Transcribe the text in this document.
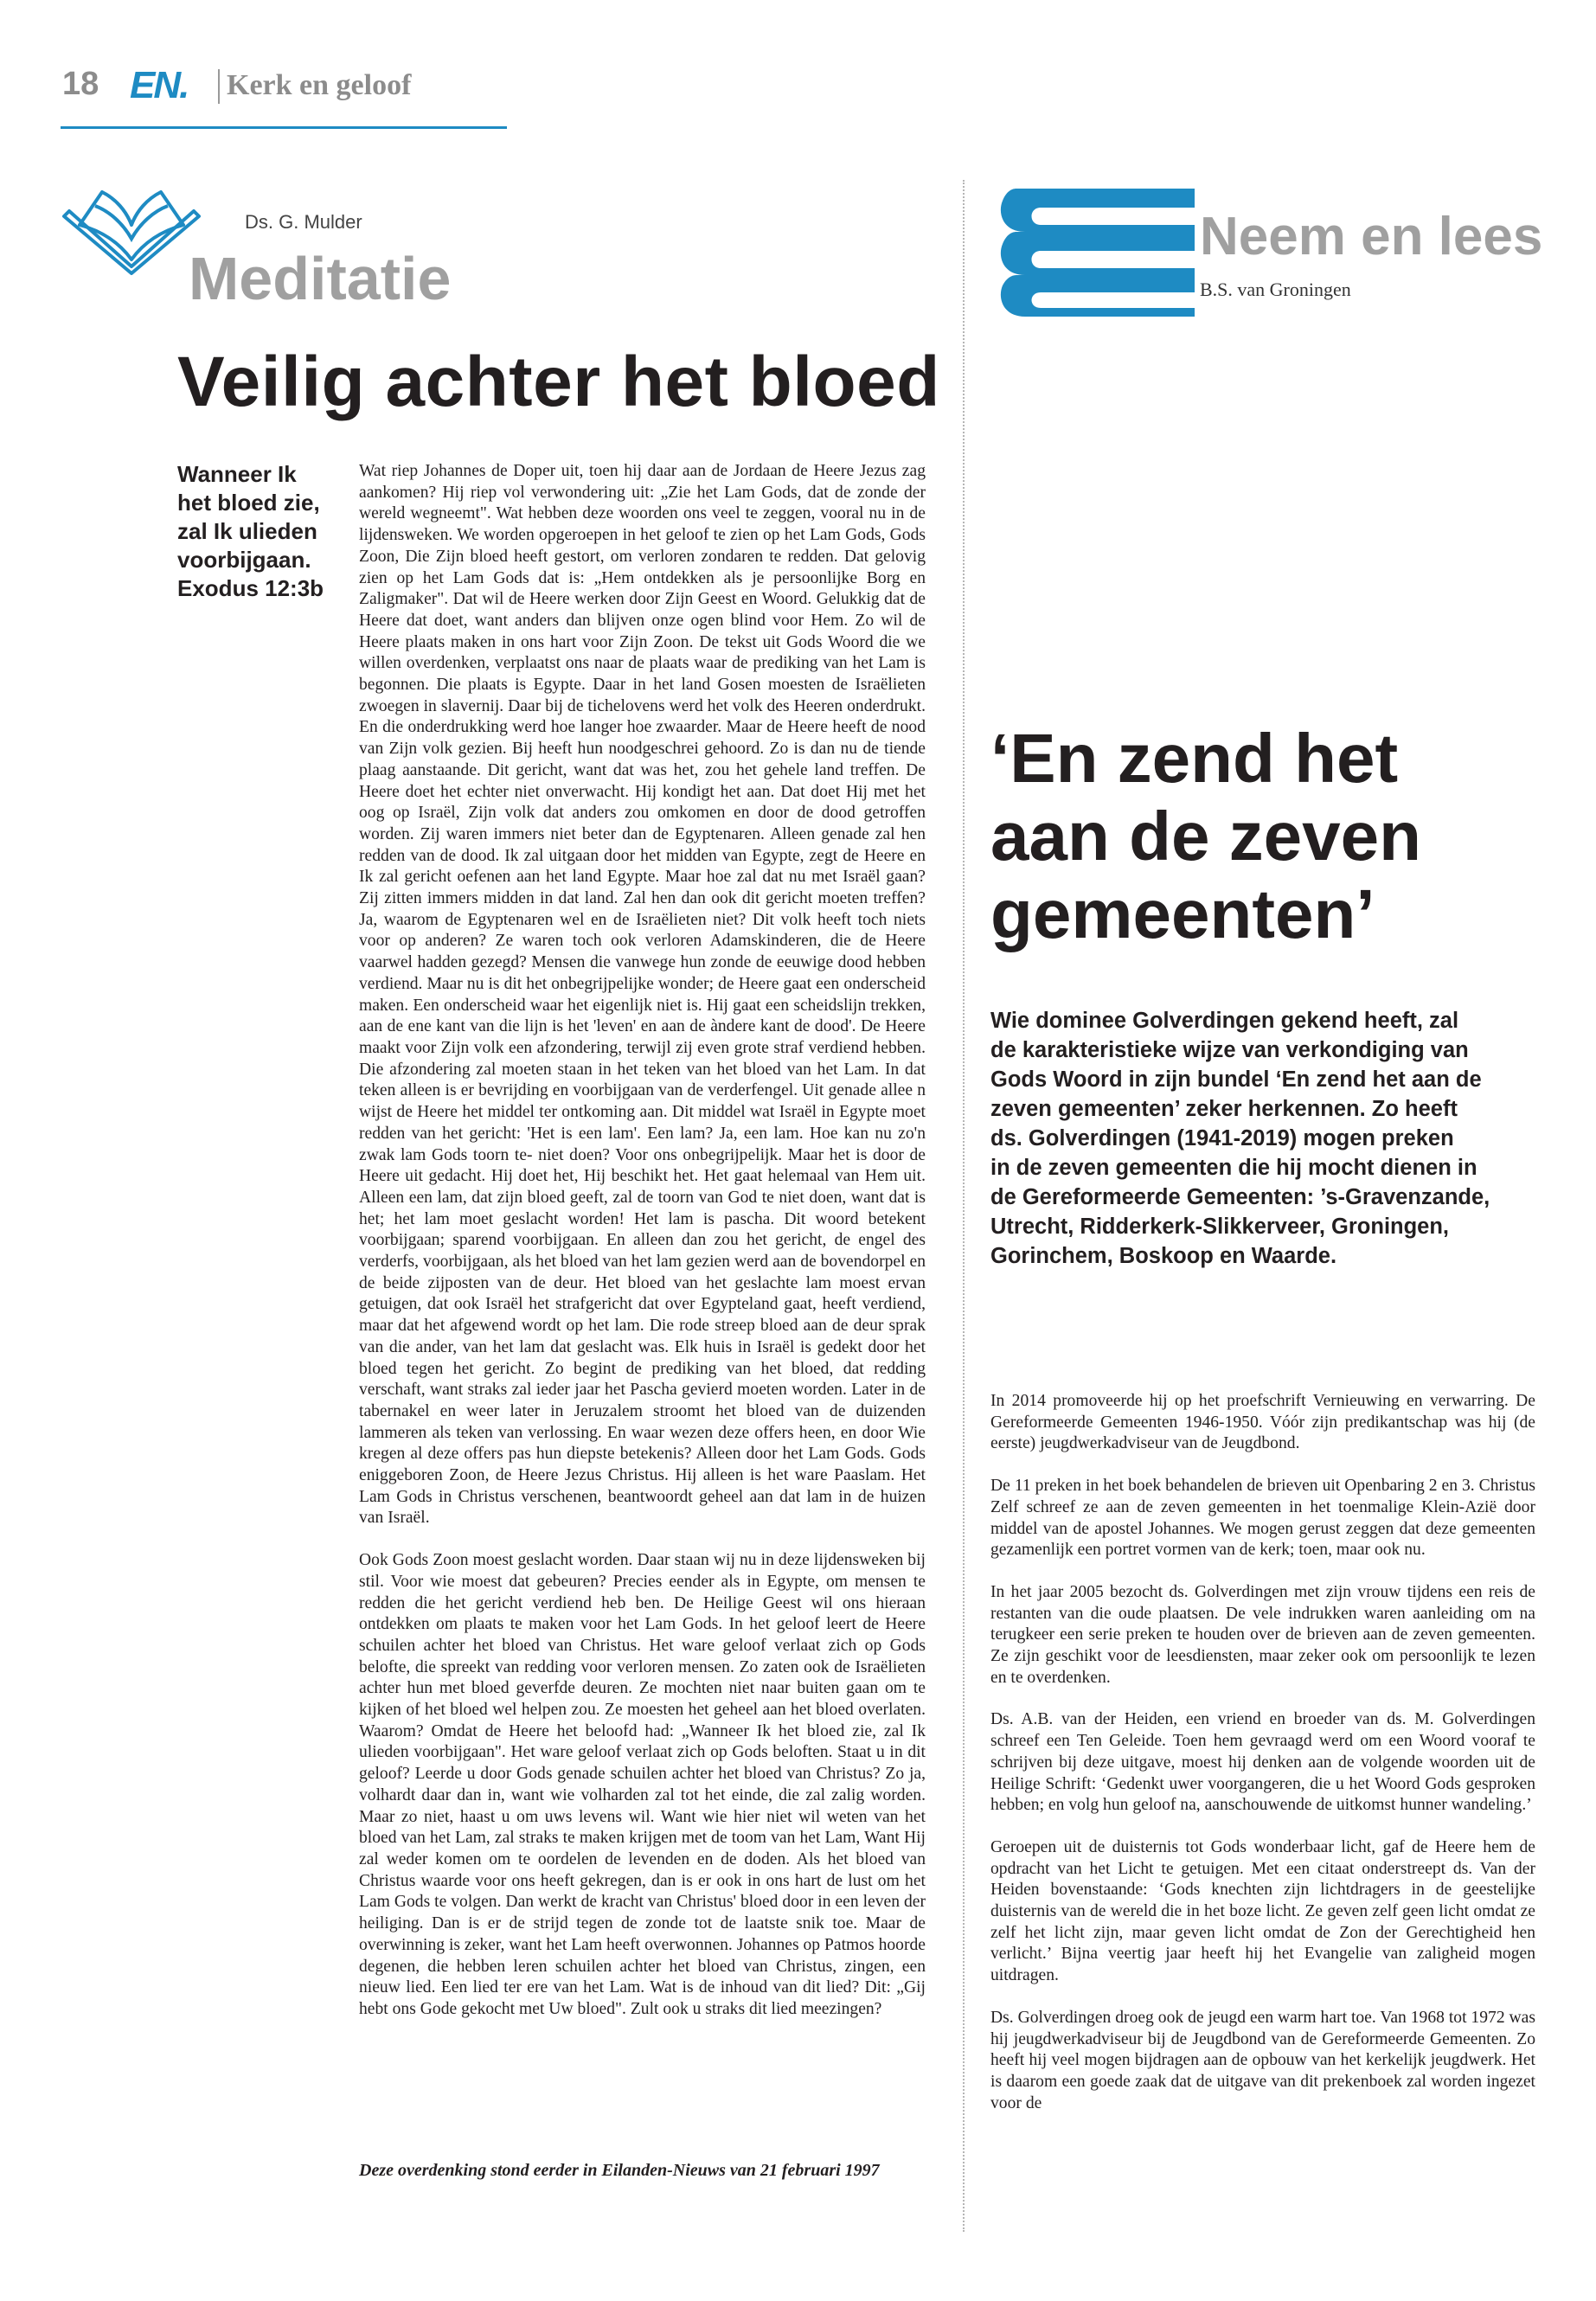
18 EN. Kerk en geloof
Ds. G. Mulder
Meditatie
Veilig achter het bloed
Wanneer Ik
het bloed zie,
zal Ik ulieden
voorbijgaan.
Exodus 12:3b

Wat riep Johannes de Doper uit, toen hij daar aan de Jordaan de Heere Jezus zag aankomen? Hij riep vol verwondering uit: „Zie het Lam Gods, dat de zonde der wereld wegneemt". Wat hebben deze woorden ons veel te zeggen, vooral nu in de lijdensweken. We worden opgeroepen in het geloof te zien op het Lam Gods, Gods Zoon, Die Zijn bloed heeft gestort, om verloren zondaren te redden. Dat gelovig zien op het Lam Gods dat is: „Hem ontdekken als je persoonlijke Borg en Zaligmaker". Dat wil de Heere werken door Zijn Geest en Woord. Gelukkig dat de Heere dat doet, want anders dan blijven onze ogen blind voor Hem. Zo wil de Heere plaats maken in ons hart voor Zijn Zoon. De tekst uit Gods Woord die we willen overdenken, verplaatst ons naar de plaats waar de prediking van het Lam is begonnen. Die plaats is Egypte. Daar in het land Gosen moesten de Israëlieten zwoegen in slavernij. Daar bij de tichelovens werd het volk des Heeren onderdrukt. En die onderdrukking werd hoe langer hoe zwaarder. Maar de Heere heeft de nood van Zijn volk gezien. Bij heeft hun noodgeschrei gehoord. Zo is dan nu de tiende plaag aanstaande. Dit gericht, want dat was het, zou het gehele land treffen. De Heere doet het echter niet onverwacht. Hij kondigt het aan. Dat doet Hij met het oog op Israël, Zijn volk dat anders zou omkomen en door de dood getroffen worden. Zij waren immers niet beter dan de Egyptenaren. Alleen genade zal hen redden van de dood. Ik zal uitgaan door het midden van Egypte, zegt de Heere en Ik zal gericht oefenen aan het land Egypte. Maar hoe zal dat nu met Israël gaan? Zij zitten immers midden in dat land. Zal hen dan ook dit gericht moeten treffen? Ja, waarom de Egyptenaren wel en de Israëlieten niet? Dit volk heeft toch niets voor op anderen? Ze waren toch ook verloren Adamskinderen, die de Heere vaarwel hadden gezegd? Mensen die vanwege hun zonde de eeuwige dood hebben verdiend. Maar nu is dit het onbegrijpelijke wonder; de Heere gaat een onderscheid maken. Een onderscheid waar het eigenlijk niet is. Hij gaat een scheidslijn trekken, aan de ene kant van die lijn is het 'leven' en aan de àndere kant de dood'. De Heere maakt voor Zijn volk een afzondering, terwijl zij even grote straf verdiend hebben. Die afzondering zal moeten staan in het teken van het bloed van het Lam. In dat teken alleen is er bevrijding en voorbijgaan van de verderfengel. Uit genade allee n wijst de Heere het middel ter ontkoming aan. Dit middel wat Israël in Egypte moet redden van het gericht: 'Het is een lam'. Een lam? Ja, een lam. Hoe kan nu zo'n zwak lam Gods toorn te- niet doen? Voor ons onbegrijpelijk. Maar het is door de Heere uit gedacht. Hij doet het, Hij beschikt het. Het gaat helemaal van Hem uit. Alleen een lam, dat zijn bloed geeft, zal de toorn van God te niet doen, want dat is het; het lam moet geslacht worden! Het lam is pascha. Dit woord betekent voorbijgaan; sparend voorbijgaan. En alleen dan zou het gericht, de engel des verderfs, voorbijgaan, als het bloed van het lam gezien werd aan de bovendorpel en de beide zijposten van de deur. Het bloed van het geslachte lam moest ervan getuigen, dat ook Israël het strafgericht dat over Egypteland gaat, heeft verdiend, maar dat het afgewend wordt op het lam. Die rode streep bloed aan de deur sprak van die ander, van het lam dat geslacht was. Elk huis in Israël is gedekt door het bloed tegen het gericht. Zo begint de prediking van het bloed, dat redding verschaft, want straks zal ieder jaar het Pascha gevierd moeten worden. Later in de tabernakel en weer later in Jeruzalem stroomt het bloed van de duizenden lammeren als teken van verlossing. En waar wezen deze offers heen, en door Wie kregen al deze offers pas hun diepste betekenis? Alleen door het Lam Gods. Gods eniggeboren Zoon, de Heere Jezus Christus. Hij alleen is het ware Paaslam. Het Lam Gods in Christus verschenen, beantwoordt geheel aan dat lam in de huizen van Israël.

Ook Gods Zoon moest geslacht worden. Daar staan wij nu in deze lijdensweken bij stil. Voor wie moest dat gebeuren? Precies eender als in Egypte, om mensen te redden die het gericht verdiend heb ben. De Heilige Geest wil ons hieraan ontdekken om plaats te maken voor het Lam Gods. In het geloof leert de Heere schuilen achter het bloed van Christus. Het ware geloof verlaat zich op Gods belofte, die spreekt van redding voor verloren mensen. Zo zaten ook de Israëlieten achter hun met bloed geverfde deuren. Ze mochten niet naar buiten gaan om te kijken of het bloed wel helpen zou. Ze moesten het geheel aan het bloed overlaten. Waarom? Omdat de Heere het beloofd had: „Wanneer Ik het bloed zie, zal Ik ulieden voorbijgaan". Het ware geloof verlaat zich op Gods beloften. Staat u in dit geloof? Leerde u door Gods genade schuilen achter het bloed van Christus? Zo ja, volhardt daar dan in, want wie volharden zal tot het einde, die zal zalig worden. Maar zo niet, haast u om uws levens wil. Want wie hier niet wil weten van het bloed van het Lam, zal straks te maken krijgen met de toom van het Lam, Want Hij zal weder komen om te oordelen de levenden en de doden. Als het bloed van Christus waarde voor ons heeft gekregen, dan is er ook in ons hart de lust om het Lam Gods te volgen. Dan werkt de kracht van Christus' bloed door in een leven der heiliging. Dan is er de strijd tegen de zonde tot de laatste snik toe. Maar de overwinning is zeker, want het Lam heeft overwonnen. Johannes op Patmos hoorde degenen, die hebben leren schuilen achter het bloed van Christus, zingen, een nieuw lied. Een lied ter ere van het Lam. Wat is de inhoud van dit lied? Dit: „Gij hebt ons Gode gekocht met Uw bloed". Zult ook u straks dit lied meezingen?

Deze overdenking stond eerder in Eilanden-Nieuws van 21 februari 1997
Neem en lees
B.S. van Groningen
‘En zend het
aan de zeven
gemeenten’
Wie dominee Golverdingen gekend heeft, zal
de karakteristieke wijze van verkondiging van
Gods Woord in zijn bundel ‘En zend het aan de
zeven gemeenten’ zeker herkennen. Zo heeft
ds. Golverdingen (1941-2019) mogen preken
in de zeven gemeenten die hij mocht dienen in
de Gereformeerde Gemeenten: ’s-Gravenzande,
Utrecht, Ridderkerk-Slikkerveer, Groningen,
Gorinchem, Boskoop en Waarde.

In 2014 promoveerde hij op het proefschrift Vernieuwing en verwarring. De Gereformeerde Gemeenten 1946-1950. Vóór zijn predikantschap was hij (de eerste) jeugdwerkadviseur van de Jeugdbond.

De 11 preken in het boek behandelen de brieven uit Openbaring 2 en 3. Christus Zelf schreef ze aan de zeven gemeenten in het toenmalige Klein-Azië door middel van de apostel Johannes. We mogen gerust zeggen dat deze gemeenten gezamenlijk een portret vormen van de kerk; toen, maar ook nu.

In het jaar 2005 bezocht ds. Golverdingen met zijn vrouw tijdens een reis de restanten van die oude plaatsen. De vele indrukken waren aanleiding om na terugkeer een serie preken te houden over de brieven aan de zeven gemeenten. Ze zijn geschikt voor de leesdiensten, maar zeker ook om persoonlijk te lezen en te overdenken.

Ds. A.B. van der Heiden, een vriend en broeder van ds. M. Golverdingen schreef een Ten Geleide. Toen hem gevraagd werd om een Woord vooraf te schrijven bij deze uitgave, moest hij denken aan de volgende woorden uit de Heilige Schrift: ‘Gedenkt uwer voorgangeren, die u het Woord Gods gesproken hebben; en volg hun geloof na, aanschouwende de uitkomst hunner wandeling.’

Geroepen uit de duisternis tot Gods wonderbaar licht, gaf de Heere hem de opdracht van het Licht te getuigen. Met een citaat onderstreept ds. Van der Heiden bovenstaande: ‘Gods knechten zijn lichtdragers in de geestelijke duisternis van de wereld die in het boze licht. Ze geven zelf geen licht omdat ze zelf het licht zijn, maar geven licht omdat de Zon der Gerechtigheid hen verlicht.’ Bijna veertig jaar heeft hij het Evangelie van zaligheid mogen uitdragen.

Ds. Golverdingen droeg ook de jeugd een warm hart toe. Van 1968 tot 1972 was hij jeugdwerkadviseur bij de Jeugdbond van de Gereformeerde Gemeenten. Zo heeft hij veel mogen bijdragen aan de opbouw van het kerkelijk jeugdwerk. Het is daarom een goede zaak dat de uitgave van dit prekenboek zal worden ingezet voor de
